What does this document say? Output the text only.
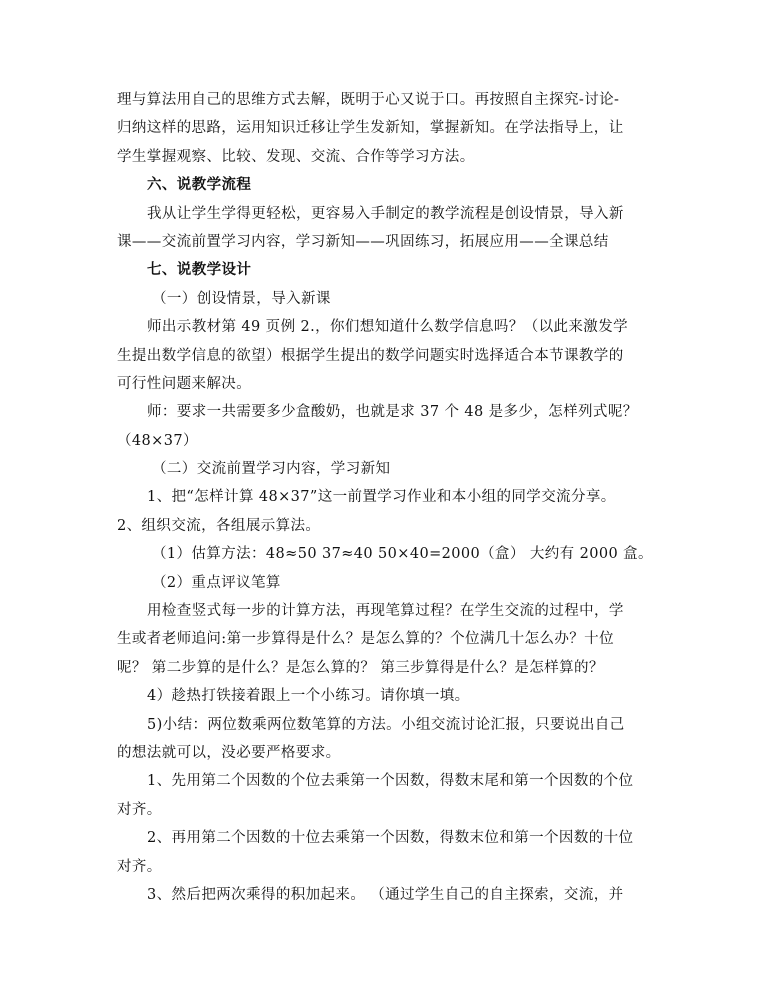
理与算法用自己的思维方式去解，既明于心又说于口。再按照自主探究-讨论-
归纳这样的思路，运用知识迁移让学生发新知，掌握新知。在学法指导上，让
学生掌握观察、比较、发现、交流、合作等学习方法。
六、说教学流程
我从让学生学得更轻松，更容易入手制定的教学流程是创设情景，导入新
课——交流前置学习内容，学习新知——巩固练习，拓展应用——全课总结
七、说教学设计
（一）创设情景，导入新课
师出示教材第 49 页例 2.，你们想知道什么数学信息吗？（以此来激发学
生提出数学信息的欲望）根据学生提出的数学问题实时选择适合本节课教学的
可行性问题来解决。
师：要求一共需要多少盒酸奶，也就是求 37 个 48 是多少，怎样列式呢？
（48×37）
（二）交流前置学习内容，学习新知
1、把“怎样计算 48×37”这一前置学习作业和本小组的同学交流分享。
2、组织交流，各组展示算法。
（1）估算方法：48≈50 37≈40 50×40=2000（盒） 大约有 2000 盒。
（2）重点评议笔算
用检查竖式每一步的计算方法，再现笔算过程？在学生交流的过程中，学
生或者老师追问:第一步算得是什么？是怎么算的？个位满几十怎么办？十位
呢？ 第二步算的是什么？是怎么算的？ 第三步算得是什么？是怎样算的？
4）趁热打铁接着跟上一个小练习。请你填一填。
5)小结：两位数乘两位数笔算的方法。小组交流讨论汇报，只要说出自己
的想法就可以，没必要严格要求。
1、先用第二个因数的个位去乘第一个因数，得数末尾和第一个因数的个位
对齐。
2、再用第二个因数的十位去乘第一个因数，得数末位和第一个因数的十位
对齐。
3、然后把两次乘得的积加起来。 （通过学生自己的自主探索，交流，并
